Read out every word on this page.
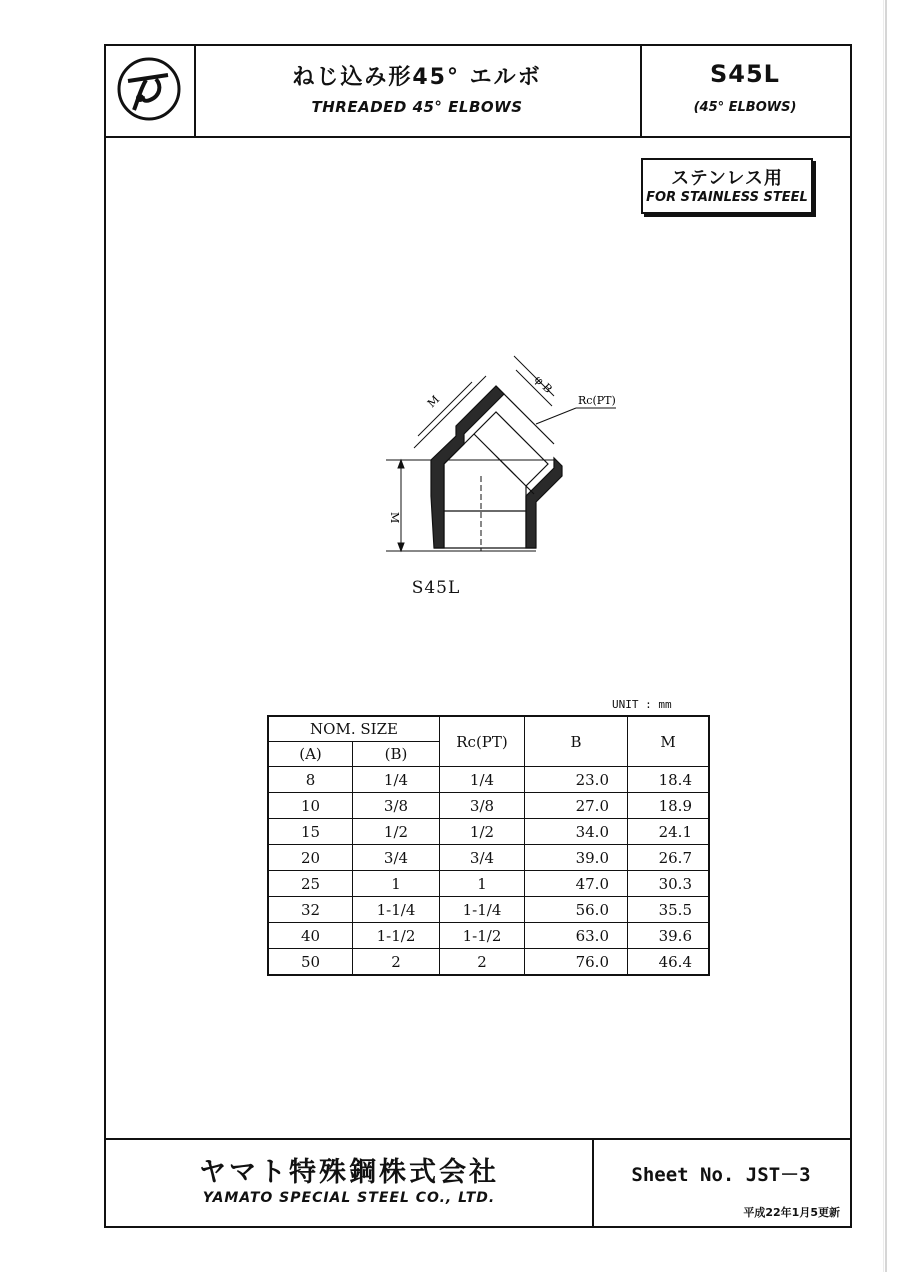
ねじ込み形45° エルボ
THREADED 45° ELBOWS
S45L
(45° ELBOWS)
ステンレス用
FOR STAINLESS STEEL
M
φ B
M
Rc(PT)
S45L
UNIT : mm
NOM. SIZE		Rc(PT)	B	M
(A)	(B)			
8	1/4	1/4	23.0	18.4
10	3/8	3/8	27.0	18.9
15	1/2	1/2	34.0	24.1
20	3/4	3/4	39.0	26.7
25	1	1	47.0	30.3
32	1-1/4	1-1/4	56.0	35.5
40	1-1/2	1-1/2	63.0	39.6
50	2	2	76.0	46.4
ヤマト特殊鋼株式会社
YAMATO SPECIAL STEEL CO., LTD.
Sheet No. JST－3
平成22年1月5更新
